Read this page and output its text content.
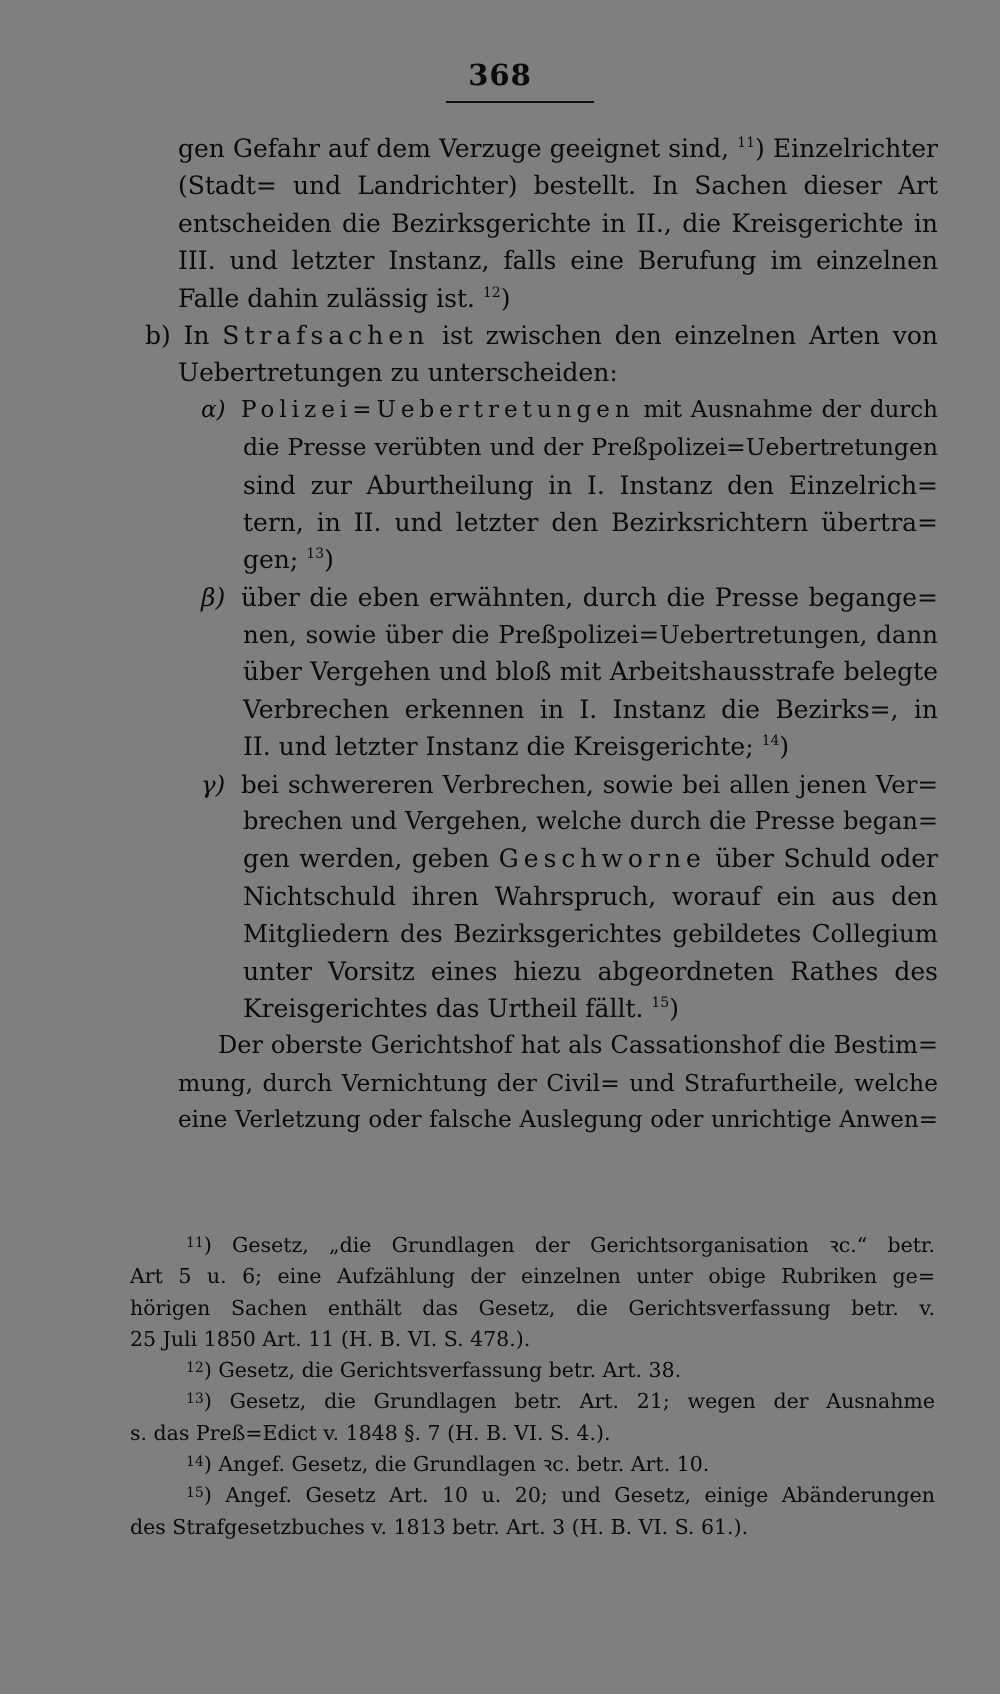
368
gen Gefahr auf dem Verzuge geeignet sind, $^{11}$) Einzelrichter
(Stadt= und Landrichter) bestellt. In Sachen dieser Art
entscheiden die Bezirksgerichte in II., die Kreisgerichte in
III. und letzter Instanz, falls eine Berufung im einzelnen
Falle dahin zulässig ist. $^{12}$)
b) In Strafsachen ist zwischen den einzelnen Arten von
Uebertretungen zu unterscheiden:
α) Polizei=Uebertretungen mit Ausnahme der durch
die Presse verübten und der Preßpolizei=Uebertretungen
sind zur Aburtheilung in I. Instanz den Einzelrich=
tern, in II. und letzter den Bezirksrichtern übertra=
gen; $^{13}$)
β) über die eben erwähnten, durch die Presse begange=
nen, sowie über die Preßpolizei=Uebertretungen, dann
über Vergehen und bloß mit Arbeitshausstrafe belegte
Verbrechen erkennen in I. Instanz die Bezirks=, in
II. und letzter Instanz die Kreisgerichte; $^{14}$)
γ) bei schwereren Verbrechen, sowie bei allen jenen Ver=
brechen und Vergehen, welche durch die Presse began=
gen werden, geben Geschworne über Schuld oder
Nichtschuld ihren Wahrspruch, worauf ein aus den
Mitgliedern des Bezirksgerichtes gebildetes Collegium
unter Vorsitz eines hiezu abgeordneten Rathes des
Kreisgerichtes das Urtheil fällt. $^{15}$)
Der oberste Gerichtshof hat als Cassationshof die Bestim=
mung, durch Vernichtung der Civil= und Strafurtheile, welche
eine Verletzung oder falsche Auslegung oder unrichtige Anwen=
$^{11}$) Gesetz, „die Grundlagen der Gerichtsorganisation ꝛc.“ betr.
Art 5 u. 6; eine Aufzählung der einzelnen unter obige Rubriken ge=
hörigen Sachen enthält das Gesetz, die Gerichtsverfassung betr. v.
25 Juli 1850 Art. 11 (H. B. VI. S. 478.).
$^{12}$) Gesetz, die Gerichtsverfassung betr. Art. 38.
$^{13}$) Gesetz, die Grundlagen betr. Art. 21; wegen der Ausnahme
s. das Preß=Edict v. 1848 §. 7 (H. B. VI. S. 4.).
$^{14}$) Angef. Gesetz, die Grundlagen ꝛc. betr. Art. 10.
$^{15}$) Angef. Gesetz Art. 10 u. 20; und Gesetz, einige Abänderungen
des Strafgesetzbuches v. 1813 betr. Art. 3 (H. B. VI. S. 61.).
